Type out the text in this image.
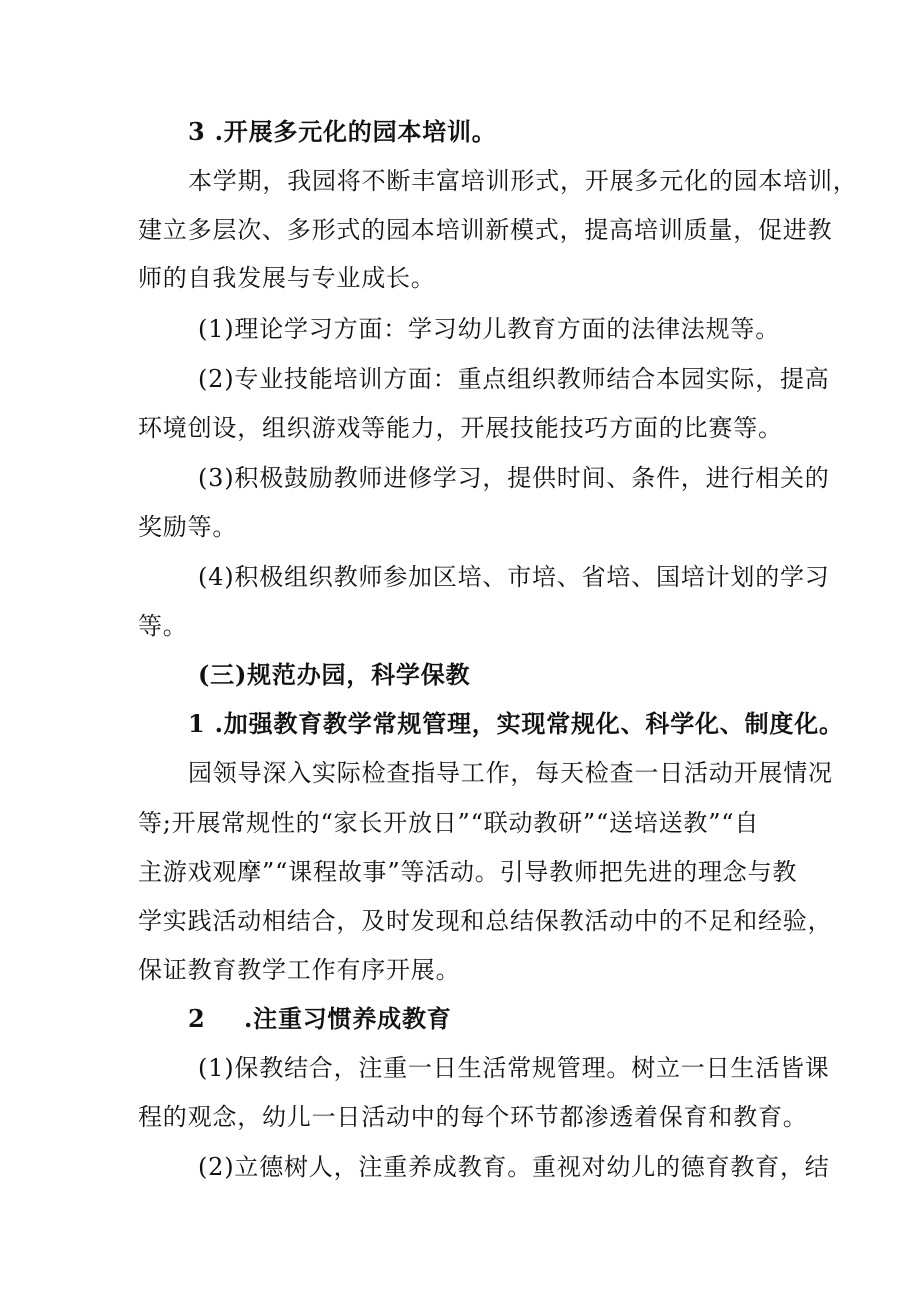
3 .开展多元化的园本培训。

本学期，我园将不断丰富培训形式，开展多元化的园本培训，

建立多层次、多形式的园本培训新模式，提高培训质量，促进教

师的自我发展与专业成长。

(1)理论学习方面：学习幼儿教育方面的法律法规等。

(2)专业技能培训方面：重点组织教师结合本园实际，提高

环境创设，组织游戏等能力，开展技能技巧方面的比赛等。

(3)积极鼓励教师进修学习，提供时间、条件，进行相关的

奖励等。

(4)积极组织教师参加区培、市培、省培、国培计划的学习

等。

(三)规范办园，科学保教

1 .加强教育教学常规管理，实现常规化、科学化、制度化。

园领导深入实际检查指导工作，每天检查一日活动开展情况

等;开展常规性的“家长开放日”“联动教研”“送培送教”“自

主游戏观摩”“课程故事”等活动。引导教师把先进的理念与教

学实践活动相结合，及时发现和总结保教活动中的不足和经验，

保证教育教学工作有序开展。

2 .注重习惯养成教育

(1)保教结合，注重一日生活常规管理。树立一日生活皆课

程的观念，幼儿一日活动中的每个环节都渗透着保育和教育。

(2)立德树人，注重养成教育。重视对幼儿的德育教育，结
